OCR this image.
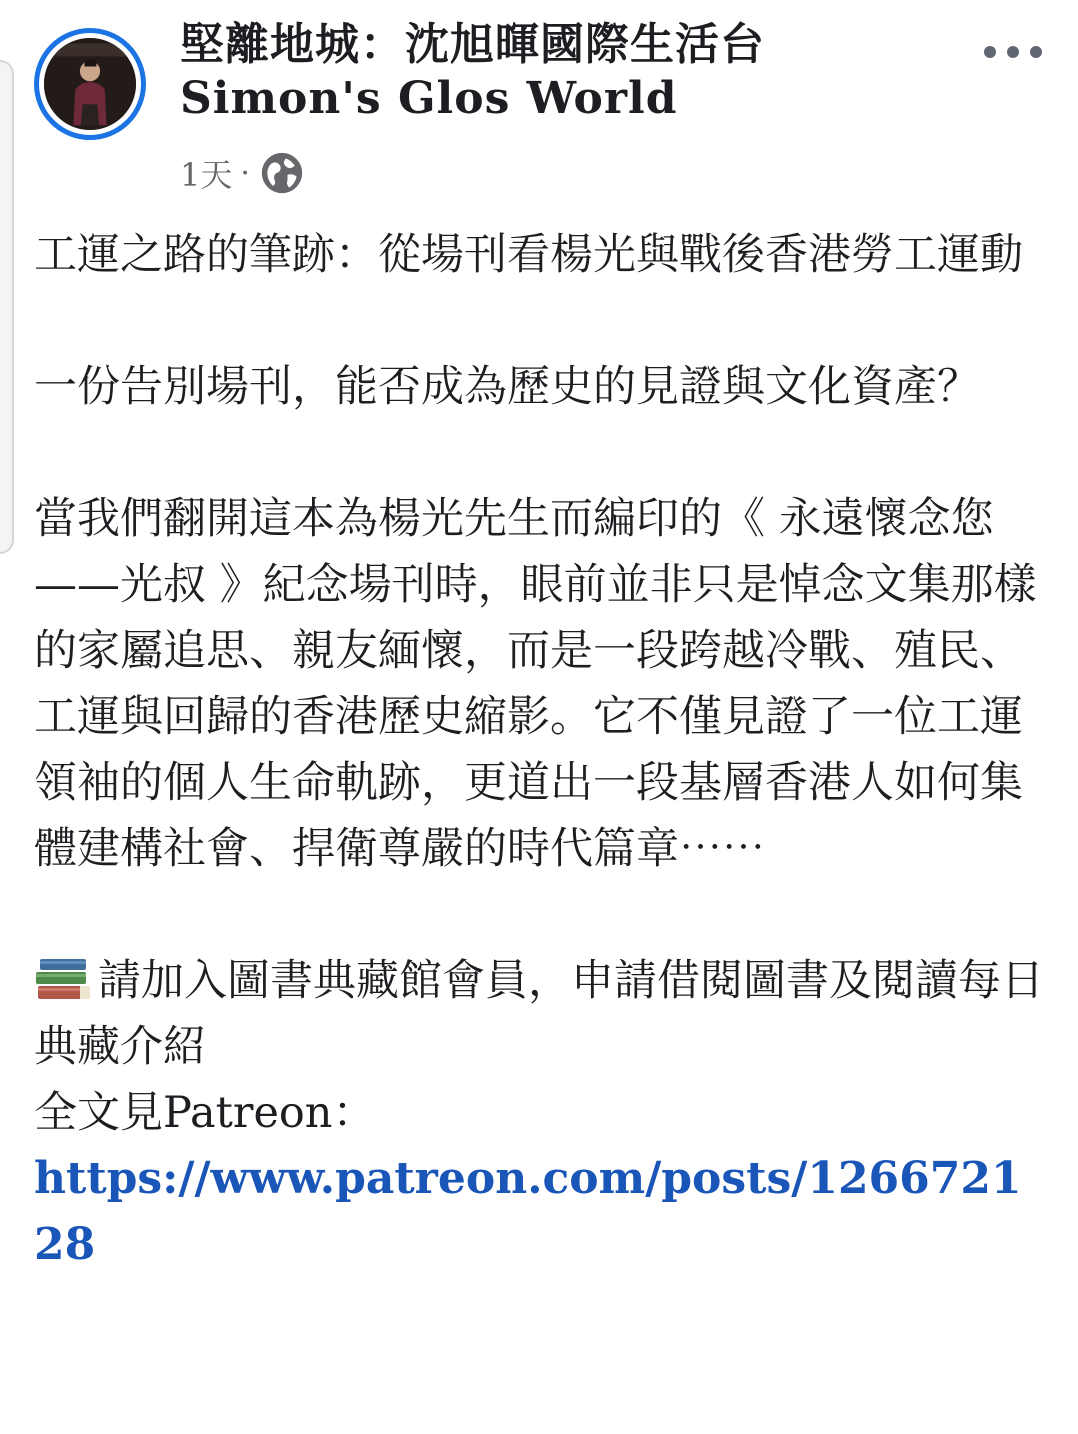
堅離地城：沈旭暉國際生活台
Simon's Glos World
1天 ·

工運之路的筆跡：從場刊看楊光與戰後香港勞工運動

一份告別場刊，能否成為歷史的見證與文化資產？

當我們翻開這本為楊光先生而編印的《 永遠懷念您——光叔 》紀念場刊時，眼前並非只是悼念文集那樣的家屬追思、親友緬懷，而是一段跨越冷戰、殖民、工運與回歸的香港歷史縮影。它不僅見證了一位工運領袖的個人生命軌跡，更道出一段基層香港人如何集體建構社會、捍衛尊嚴的時代篇章⋯⋯

請加入圖書典藏館會員，申請借閱圖書及閱讀每日典藏介紹

全文見Patreon：

https://www.patreon.com/posts/126672128
